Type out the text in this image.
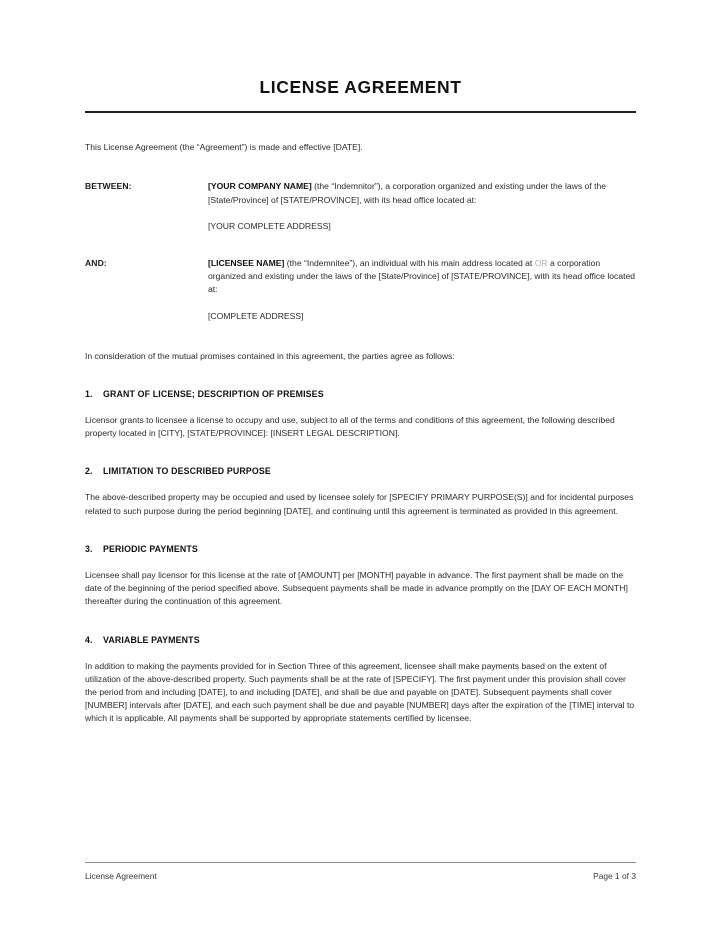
LICENSE AGREEMENT

This License Agreement (the “Agreement”) is made and effective [DATE].

BETWEEN:	[YOUR COMPANY NAME] (the “Indemnitor”), a corporation organized and existing under the laws of the [State/Province] of [STATE/PROVINCE], with its head office located at:
[YOUR COMPLETE ADDRESS]
AND:	[LICENSEE NAME] (the “Indemnitee”), an individual with his main address located at OR a corporation organized and existing under the laws of the [State/Province] of [STATE/PROVINCE], with its head office located at:
[COMPLETE ADDRESS]

In consideration of the mutual promises contained in this agreement, the parties agree as follows:

1.	GRANT OF LICENSE; DESCRIPTION OF PREMISES

Licensor grants to licensee a license to occupy and use, subject to all of the terms and conditions of this agreement, the following described property located in [CITY], [STATE/PROVINCE]: [INSERT LEGAL DESCRIPTION].

2.	LIMITATION TO DESCRIBED PURPOSE

The above-described property may be occupied and used by licensee solely for [SPECIFY PRIMARY PURPOSE(S)] and for incidental purposes related to such purpose during the period beginning [DATE], and continuing until this agreement is terminated as provided in this agreement.

3.	PERIODIC PAYMENTS

Licensee shall pay licensor for this license at the rate of [AMOUNT] per [MONTH] payable in advance. The first payment shall be made on the date of the beginning of the period specified above. Subsequent payments shall be made in advance promptly on the [DAY OF EACH MONTH] thereafter during the continuation of this agreement.

4.	VARIABLE PAYMENTS

In addition to making the payments provided for in Section Three of this agreement, licensee shall make payments based on the extent of utilization of the above-described property. Such payments shall be at the rate of [SPECIFY]. The first payment under this provision shall cover the period from and including [DATE], to and including [DATE], and shall be due and payable on [DATE]. Subsequent payments shall cover [NUMBER] intervals after [DATE], and each such payment shall be due and payable [NUMBER] days after the expiration of the [TIME] interval to which it is applicable. All payments shall be supported by appropriate statements certified by licensee.

License Agreement	Page 1 of 3
